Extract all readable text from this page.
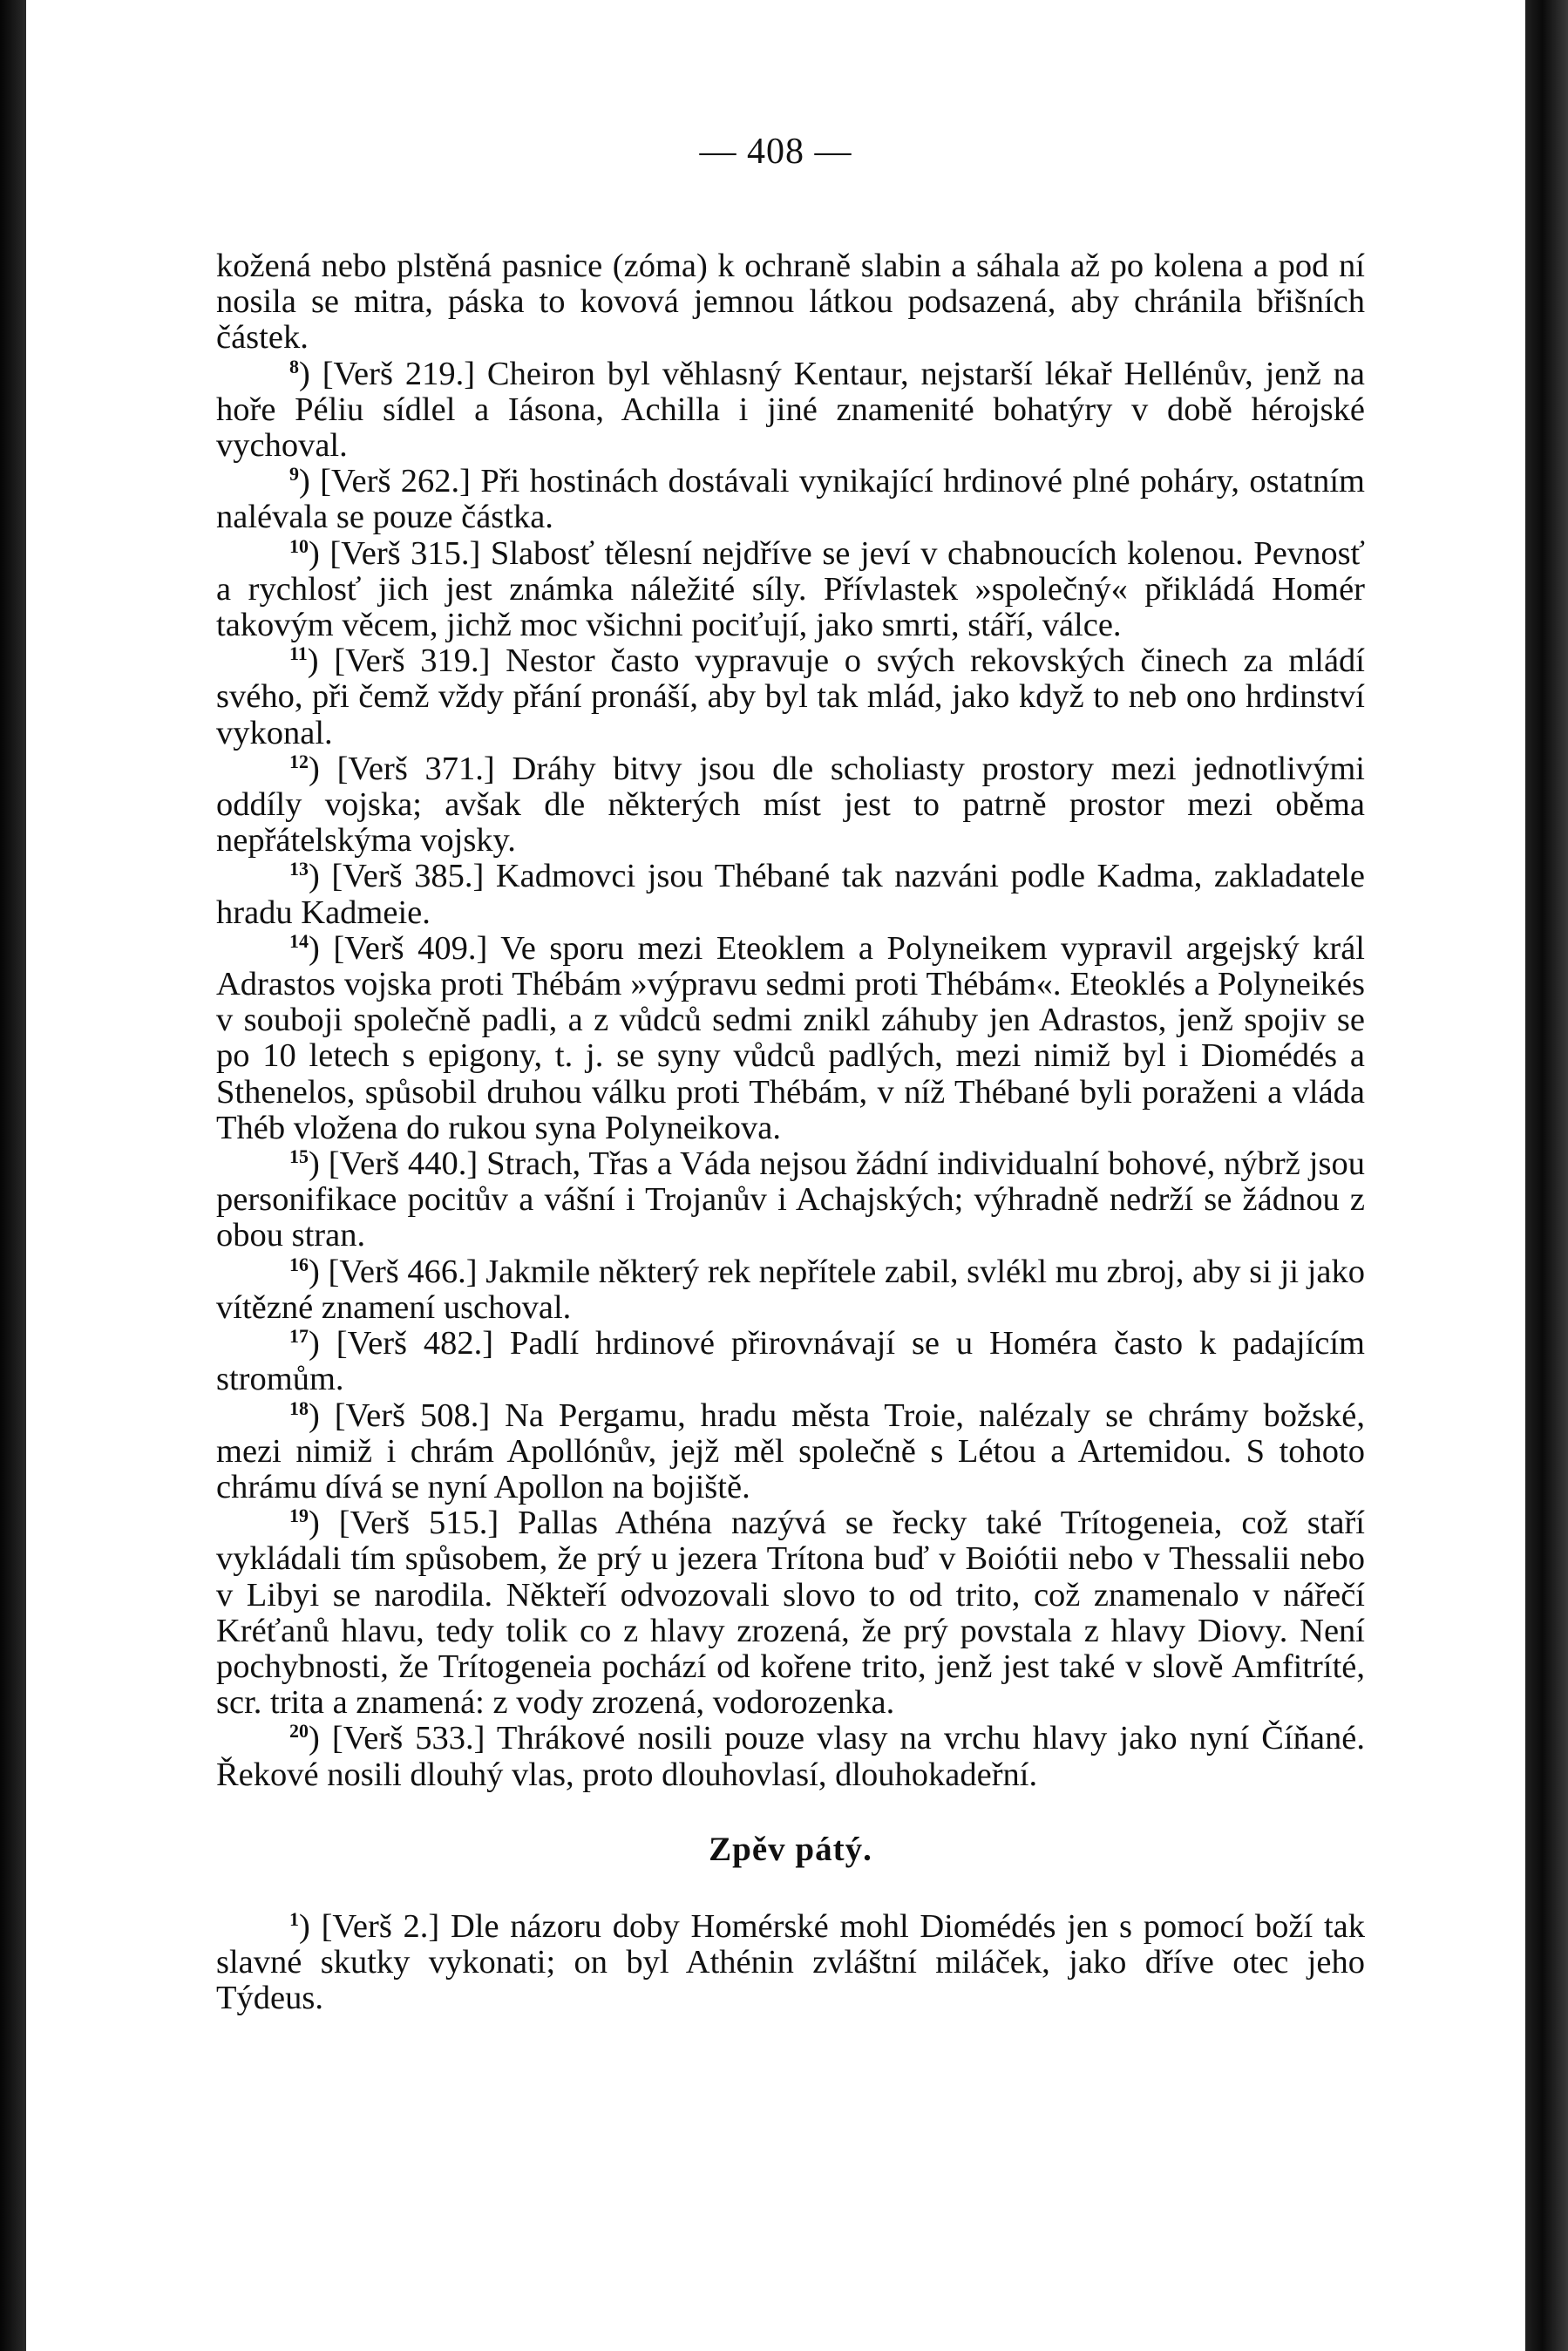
— 408 —

kožená nebo plstěná pasnice (zóma) k ochraně slabin a sáhala až po kolena a pod ní nosila se mitra, páska to kovová jemnou látkou podsazená, aby chránila břišních částek.

$^8$) [Verš 219.] Cheiron byl věhlasný Kentaur, nejstarší lékař Hellénův, jenž na hoře Péliu sídlel a Iásona, Achilla i jiné znamenité bohatýry v době hérojské vychoval.

$^9$) [Verš 262.] Při hostinách dostávali vynikající hrdinové plné poháry, ostatním nalévala se pouze částka.

$^{10}$) [Verš 315.] Slabosť tělesní nejdříve se jeví v chabnoucích kolenou. Pevnosť a rychlosť jich jest známka náležité síly. Přívlastek »společný« přikládá Homér takovým věcem, jichž moc všichni pociťují, jako smrti, stáří, válce.

$^{11}$) [Verš 319.] Nestor často vypravuje o svých rekovských činech za mládí svého, při čemž vždy přání pronáší, aby byl tak mlád, jako když to neb ono hrdinství vykonal.

$^{12}$) [Verš 371.] Dráhy bitvy jsou dle scholiasty prostory mezi jednotlivými oddíly vojska; avšak dle některých míst jest to patrně prostor mezi oběma nepřátelskýma vojsky.

$^{13}$) [Verš 385.] Kadmovci jsou Thébané tak nazváni podle Kadma, zakladatele hradu Kadmeie.

$^{14}$) [Verš 409.] Ve sporu mezi Eteoklem a Polyneikem vypravil argejský král Adrastos vojska proti Thébám »výpravu sedmi proti Thébám«. Eteoklés a Polyneikés v souboji společně padli, a z vůdců sedmi znikl záhuby jen Adrastos, jenž spojiv se po 10 letech s epigony, t. j. se syny vůdců padlých, mezi nimiž byl i Diomédés a Sthenelos, spůsobil druhou válku proti Thébám, v níž Thébané byli poraženi a vláda Théb vložena do rukou syna Polyneikova.

$^{15}$) [Verš 440.] Strach, Třas a Váda nejsou žádní individualní bohové, nýbrž jsou personifikace pocitův a vášní i Trojanův i Achajských; výhradně nedrží se žádnou z obou stran.

$^{16}$) [Verš 466.] Jakmile některý rek nepřítele zabil, svlékl mu zbroj, aby si ji jako vítězné znamení uschoval.

$^{17}$) [Verš 482.] Padlí hrdinové přirovnávají se u Homéra často k padajícím stromům.

$^{18}$) [Verš 508.] Na Pergamu, hradu města Troie, nalézaly se chrámy božské, mezi nimiž i chrám Apollónův, jejž měl společně s Létou a Artemidou. S tohoto chrámu dívá se nyní Apollon na bojiště.

$^{19}$) [Verš 515.] Pallas Athéna nazývá se řecky také Trítogeneia, což staří vykládali tím spůsobem, že prý u jezera Trítona buď v Boiótii nebo v Thessalii nebo v Libyi se narodila. Někteří odvozovali slovo to od trito, což znamenalo v nářečí Kréťanů hlavu, tedy tolik co z hlavy zrozená, že prý povstala z hlavy Diovy. Není pochybnosti, že Trítogeneia pochází od kořene trito, jenž jest také v slově Amfitríté, scr. trita a znamená: z vody zrozená, vodorozenka.

$^{20}$) [Verš 533.] Thrákové nosili pouze vlasy na vrchu hlavy jako nyní Číňané. Řekové nosili dlouhý vlas, proto dlouhovlasí, dlouhokadeřní.

Zpěv pátý.

$^1$) [Verš 2.] Dle názoru doby Homérské mohl Diomédés jen s pomocí boží tak slavné skutky vykonati; on byl Athénin zvláštní miláček, jako dříve otec jeho Týdeus.
